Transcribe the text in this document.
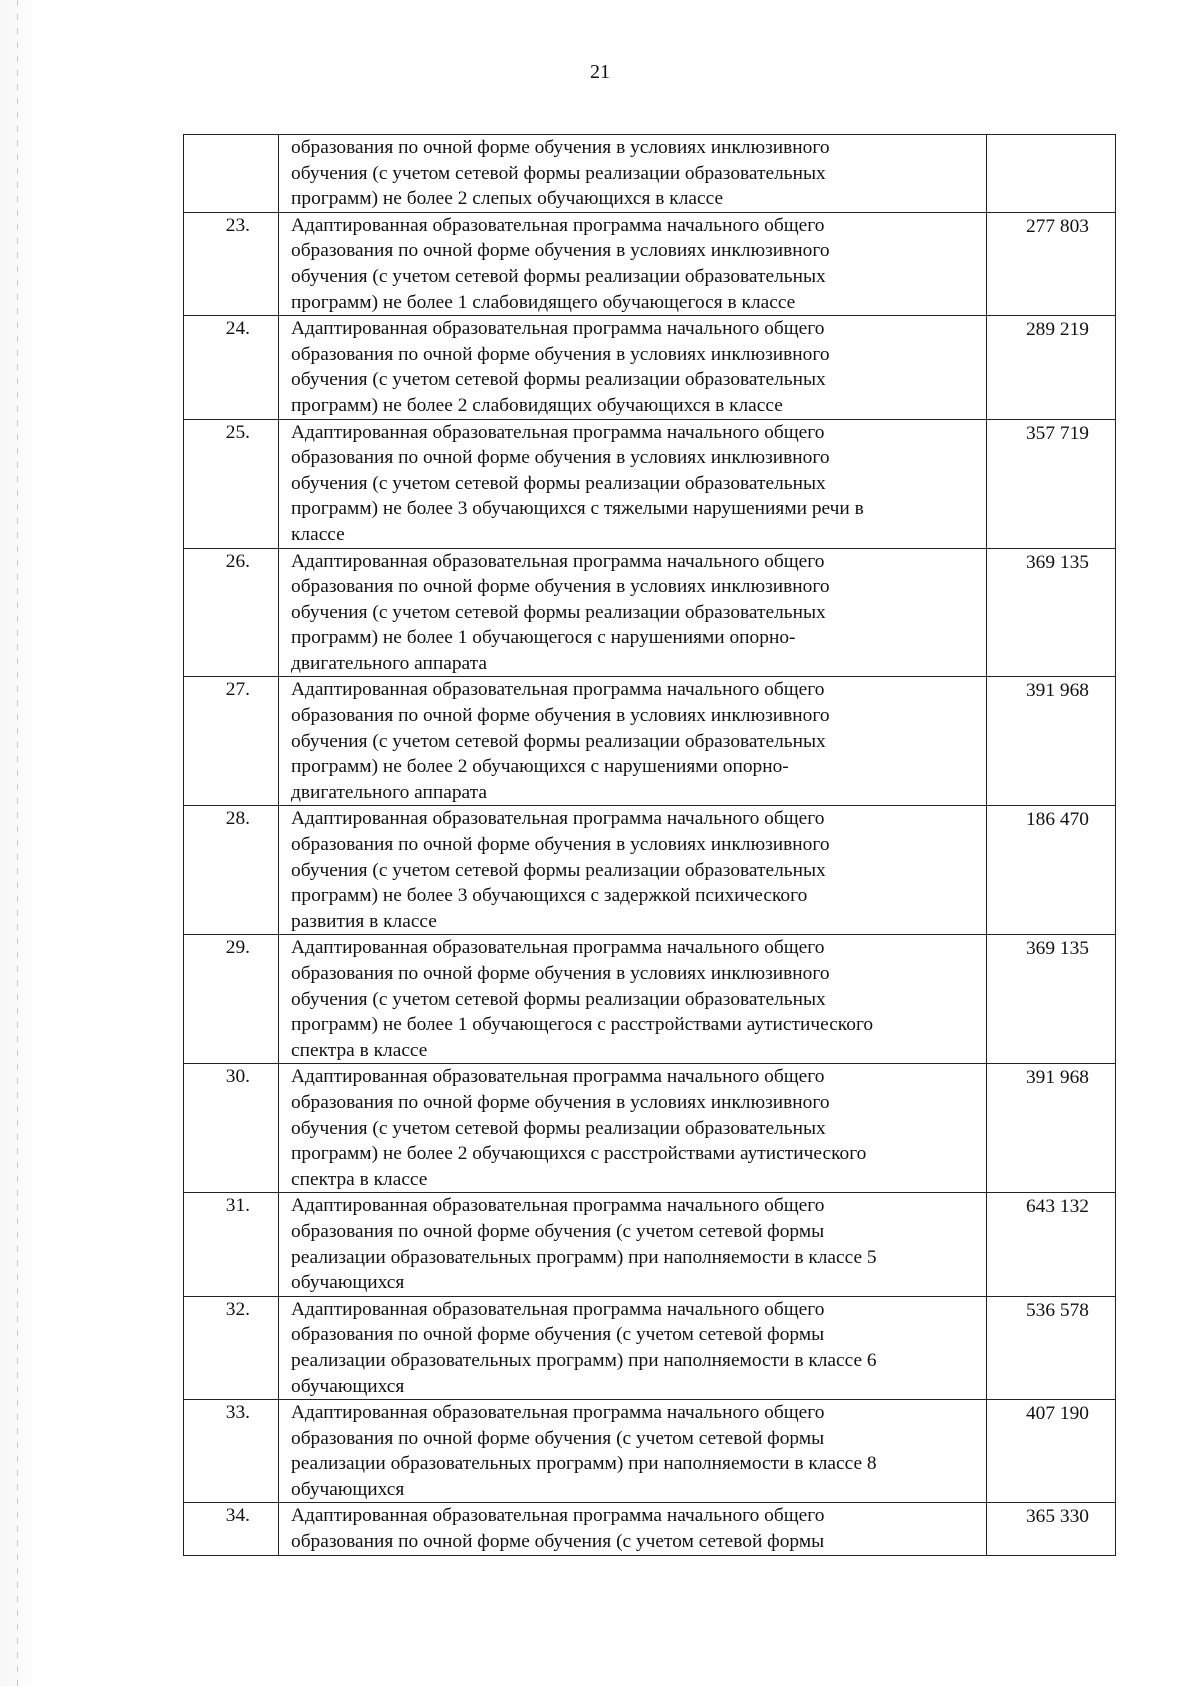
21

	образования по очной форме обучения в условиях инклюзивного
обучения (с учетом сетевой формы реализации образовательных
программ) не более 2 слепых обучающихся в классе	

23.	Адаптированная образовательная программа начального общего
образования по очной форме обучения в условиях инклюзивного
обучения (с учетом сетевой формы реализации образовательных
программ) не более 1 слабовидящего обучающегося в классе	277 803
24.	Адаптированная образовательная программа начального общего
образования по очной форме обучения в условиях инклюзивного
обучения (с учетом сетевой формы реализации образовательных
программ) не более 2 слабовидящих обучающихся в классе	289 219
25.	Адаптированная образовательная программа начального общего
образования по очной форме обучения в условиях инклюзивного
обучения (с учетом сетевой формы реализации образовательных
программ) не более 3 обучающихся с тяжелыми нарушениями речи в
классе	357 719
26.	Адаптированная образовательная программа начального общего
образования по очной форме обучения в условиях инклюзивного
обучения (с учетом сетевой формы реализации образовательных
программ) не более 1 обучающегося с нарушениями опорно-
двигательного аппарата	369 135
27.	Адаптированная образовательная программа начального общего
образования по очной форме обучения в условиях инклюзивного
обучения (с учетом сетевой формы реализации образовательных
программ) не более 2 обучающихся с нарушениями опорно-
двигательного аппарата	391 968
28.	Адаптированная образовательная программа начального общего
образования по очной форме обучения в условиях инклюзивного
обучения (с учетом сетевой формы реализации образовательных
программ) не более 3 обучающихся с задержкой психического
развития в классе	186 470
29.	Адаптированная образовательная программа начального общего
образования по очной форме обучения в условиях инклюзивного
обучения (с учетом сетевой формы реализации образовательных
программ) не более 1 обучающегося с расстройствами аутистического
спектра в классе	369 135
30.	Адаптированная образовательная программа начального общего
образования по очной форме обучения в условиях инклюзивного
обучения (с учетом сетевой формы реализации образовательных
программ) не более 2 обучающихся с расстройствами аутистического
спектра в классе	391 968
31.	Адаптированная образовательная программа начального общего
образования по очной форме обучения (с учетом сетевой формы
реализации образовательных программ) при наполняемости в классе 5
обучающихся	643 132
32.	Адаптированная образовательная программа начального общего
образования по очной форме обучения (с учетом сетевой формы
реализации образовательных программ) при наполняемости в классе 6
обучающихся	536 578
33.	Адаптированная образовательная программа начального общего
образования по очной форме обучения (с учетом сетевой формы
реализации образовательных программ) при наполняемости в классе 8
обучающихся	407 190
34.	Адаптированная образовательная программа начального общего
образования по очной форме обучения (с учетом сетевой формы	365 330
